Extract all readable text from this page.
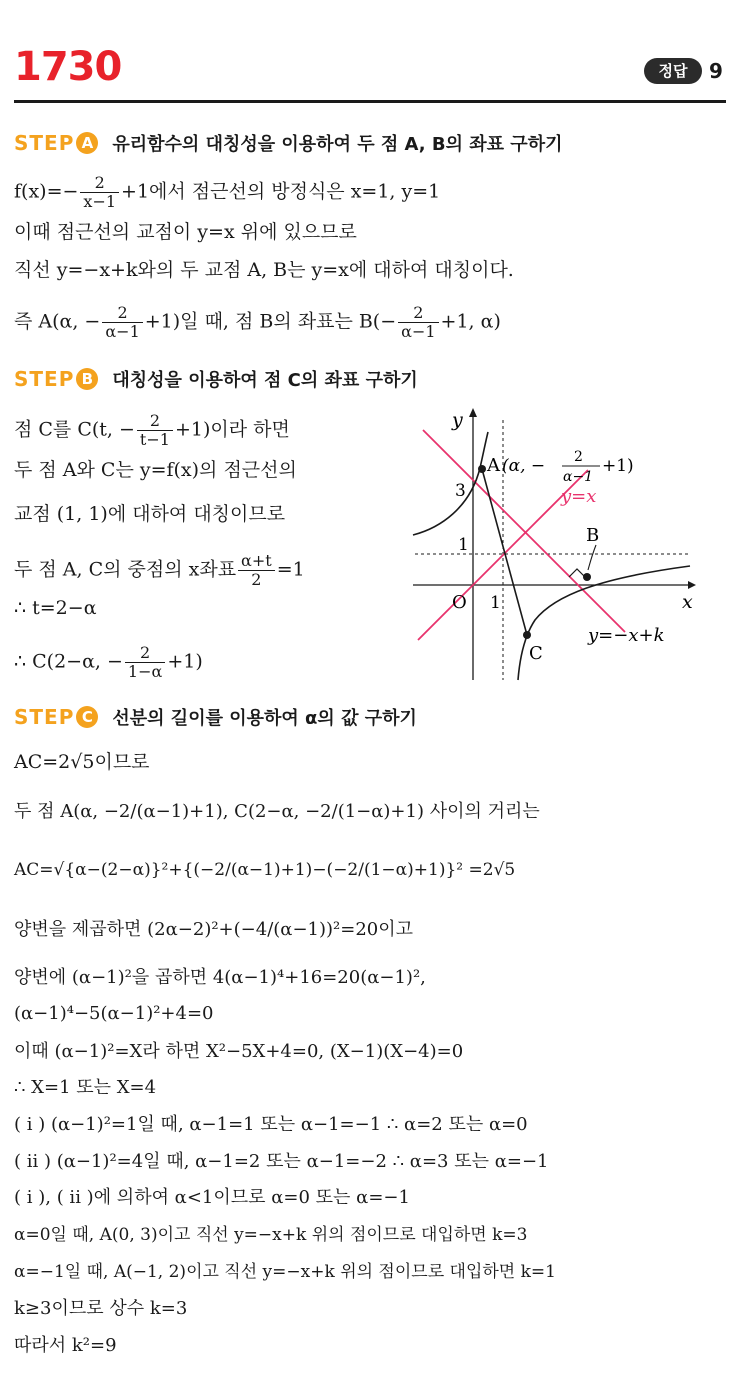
1730	정답	9
STEP A 유리함수의 대칭성을 이용하여 두 점 A, B의 좌표 구하기
$f(x)=- \frac{2}{x-1} +1$에서 점근선의 방정식은 x=1, y=1
이때 점근선의 교점이 y=x 위에 있으므로
직선 y=−x+k와의 두 교점 A, B는 y=x에 대하여 대칭이다.
즉 A(α, − $\frac{2}{\alpha-1} +1$)일 때, 점 B의 좌표는 $B(- \frac{2}{\alpha-1} +1$, α)
STEP B 대칭성을 이용하여 점 C의 좌표 구하기
점 C를 C(t, − $\frac{2}{t-1} +1$)이라 하면
두 점 A와 C는 y=f(x)의 점근선의
교점 (1, 1)에 대하여 대칭이므로
두 점 A, C의 중점의 x좌표 $\frac{\alpha+t}{2} =1$
∴ t=2−α
∴ C(2−α, − $\frac{2}{1-\alpha} +1$)
y
x
O 1
1
3
A (α, − 2
α−1
+1)
y=x
B
C
y=−x+k
STEP C	선분의 길이를 이용하여 α의 값 구하기
AC=2√5이므로
두 점 A(α, −2/(α−1)+1), C(2−α, −2/(1−α)+1) 사이의 거리는
AC=√{α−(2−α)}²+{(−2/(α−1)+1)−(−2/(1−α)+1)}² =2√5
양변을 제곱하면 (2α−2)²+(−4/(α−1))²=20이고
양변에 (α−1)²을 곱하면 4(α−1)⁴+16=20(α−1)²,
(α−1)⁴−5(α−1)²+4=0
이때 (α−1)²=X라 하면 X²−5X+4=0, (X−1)(X−4)=0
∴ X=1 또는 X=4
( i ) (α−1)²=1일 때, α−1=1 또는 α−1=−1 ∴ α=2 또는 α=0
( ii ) (α−1)²=4일 때, α−1=2 또는 α−1=−2 ∴ α=3 또는 α=−1
( i ), ( ii )에 의하여 α<1이므로 α=0 또는 α=−1
α=0일 때, A(0, 3)이고 직선 y=−x+k 위의 점이므로 대입하면 k=3
α=−1일 때, A(−1, 2)이고 직선 y=−x+k 위의 점이므로 대입하면 k=1
k≥3이므로 상수 k=3
따라서 k²=9
